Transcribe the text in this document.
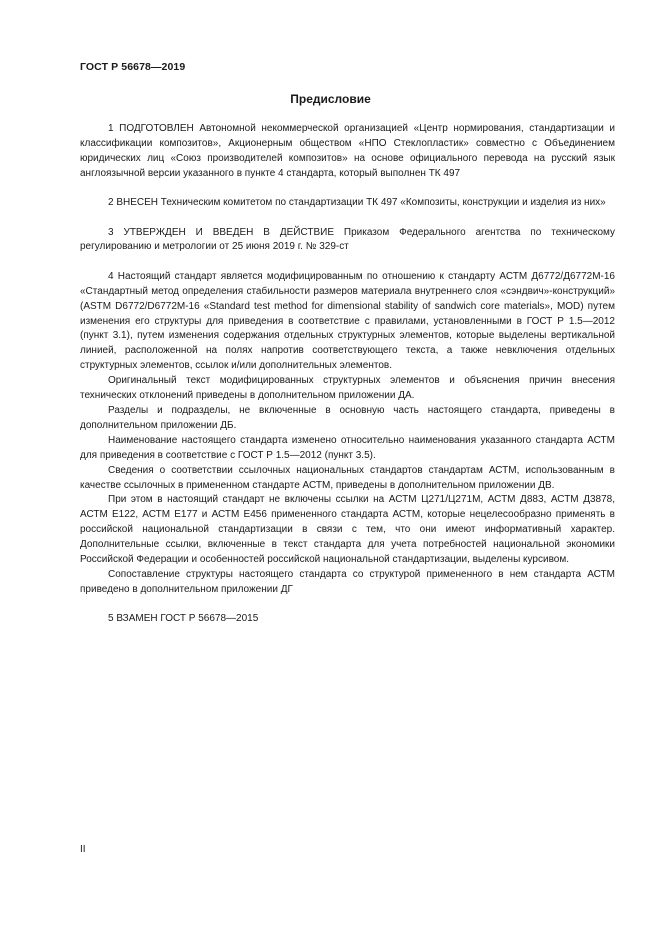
ГОСТ Р 56678—2019
Предисловие

1 ПОДГОТОВЛЕН Автономной некоммерческой организацией «Центр нормирования, стандартизации и классификации композитов», Акционерным обществом «НПО Стеклопластик» совместно с Объединением юридических лиц «Союз производителей композитов» на основе официального перевода на русский язык англоязычной версии указанного в пункте 4 стандарта, который выполнен ТК 497

2 ВНЕСЕН Техническим комитетом по стандартизации ТК 497 «Композиты, конструкции и изделия из них»

3 УТВЕРЖДЕН И ВВЕДЕН В ДЕЙСТВИЕ Приказом Федерального агентства по техническому регулированию и метрологии от 25 июня 2019 г. № 329-ст

4 Настоящий стандарт является модифицированным по отношению к стандарту АСТМ Д6772/Д6772М-16 «Стандартный метод определения стабильности размеров материала внутреннего слоя «сэндвич»-конструкций» (ASTM D6772/D6772M-16 «Standard test method for dimensional stability of sandwich core materials», MOD) путем изменения его структуры для приведения в соответствие с правилами, установленными в ГОСТ Р 1.5—2012 (пункт 3.1), путем изменения содержания отдельных структурных элементов, которые выделены вертикальной линией, расположенной на полях напротив соответствующего текста, а также невключения отдельных структурных элементов, ссылок и/или дополнительных элементов.

Оригинальный текст модифицированных структурных элементов и объяснения причин внесения технических отклонений приведены в дополнительном приложении ДА.

Разделы и подразделы, не включенные в основную часть настоящего стандарта, приведены в дополнительном приложении ДБ.

Наименование настоящего стандарта изменено относительно наименования указанного стандарта АСТМ для приведения в соответствие с ГОСТ Р 1.5—2012 (пункт 3.5).

Сведения о соответствии ссылочных национальных стандартов стандартам АСТМ, использованным в качестве ссылочных в примененном стандарте АСТМ, приведены в дополнительном приложении ДВ.

При этом в настоящий стандарт не включены ссылки на АСТМ Ц271/Ц271М, АСТМ Д883, АСТМ Д3878, АСТМ Е122, АСТМ Е177 и АСТМ Е456 примененного стандарта АСТМ, которые нецелесообразно применять в российской национальной стандартизации в связи с тем, что они имеют информативный характер. Дополнительные ссылки, включенные в текст стандарта для учета потребностей национальной экономики Российской Федерации и особенностей российской национальной стандартизации, выделены курсивом.

Сопоставление структуры настоящего стандарта со структурой примененного в нем стандарта АСТМ приведено в дополнительном приложении ДГ

5 ВЗАМЕН ГОСТ Р 56678—2015

II
